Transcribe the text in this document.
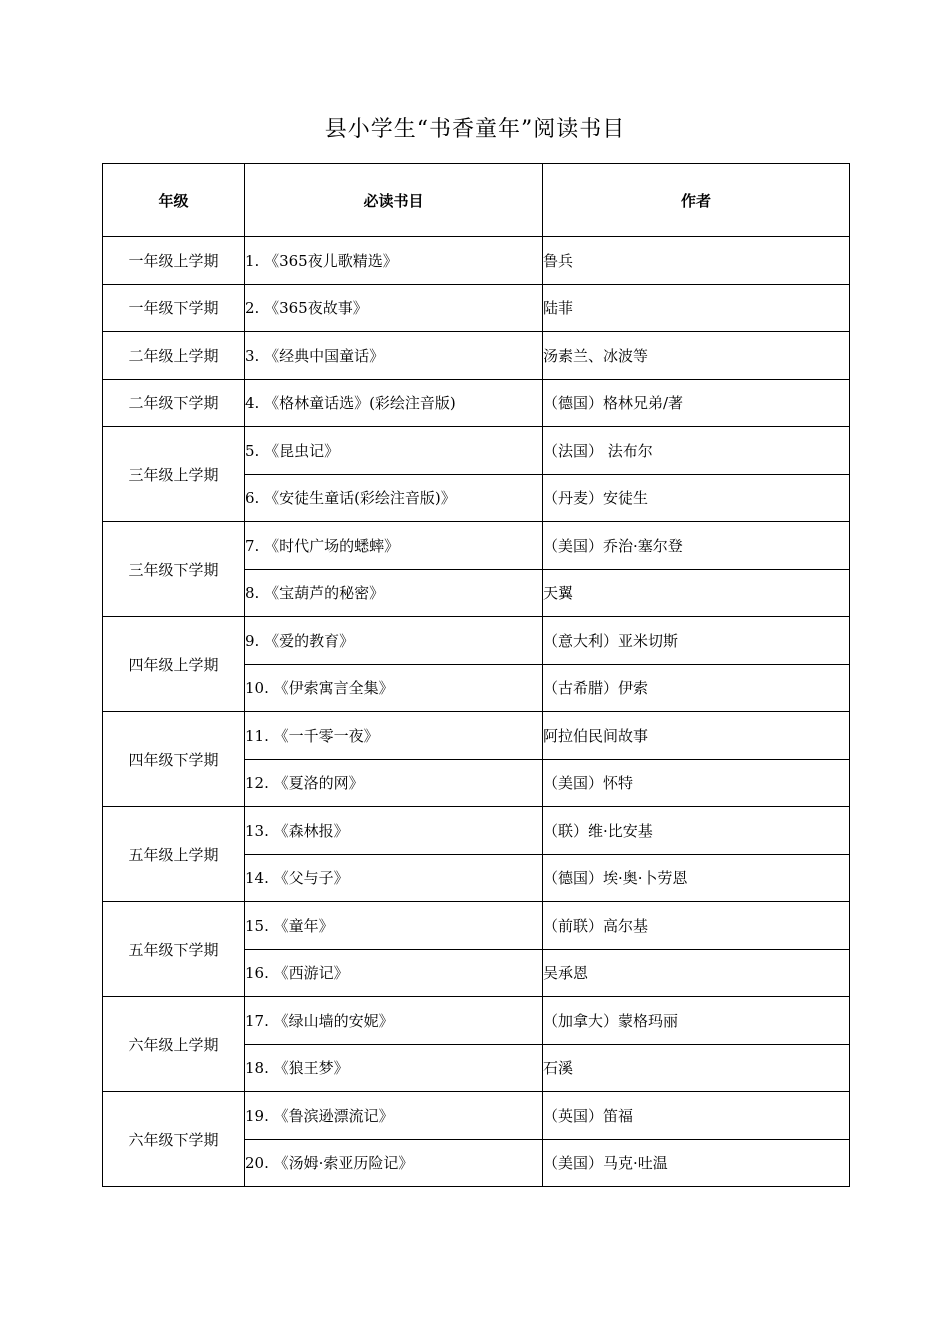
县小学生“书香童年”阅读书目
年级	必读书目	作者
一年级上学期	1. 《365夜儿歌精选》	鲁兵
一年级下学期	2. 《365夜故事》	陆菲
二年级上学期	3. 《经典中国童话》	汤素兰、冰波等
二年级下学期	4. 《格林童话选》(彩绘注音版)	（德国）格林兄弟/著
三年级上学期	5. 《昆虫记》	（法国） 法布尔
	6. 《安徒生童话(彩绘注音版)》	（丹麦）安徒生
三年级下学期	7. 《时代广场的蟋蟀》	（美国）乔治·塞尔登
	8. 《宝葫芦的秘密》	天翼
四年级上学期	9. 《爱的教育》	（意大利）亚米切斯
	10. 《伊索寓言全集》	（古希腊）伊索
四年级下学期	11. 《一千零一夜》	阿拉伯民间故事
	12. 《夏洛的网》	（美国）怀特
五年级上学期	13. 《森林报》	（联）维·比安基
	14. 《父与子》	（德国）埃·奥·卜劳恩
五年级下学期	15. 《童年》	（前联）高尔基
	16. 《西游记》	吴承恩
六年级上学期	17. 《绿山墙的安妮》	（加拿大）蒙格玛丽
	18. 《狼王梦》	石溪
六年级下学期	19. 《鲁滨逊漂流记》	（英国）笛福
	20. 《汤姆·索亚历险记》	（美国）马克·吐温
